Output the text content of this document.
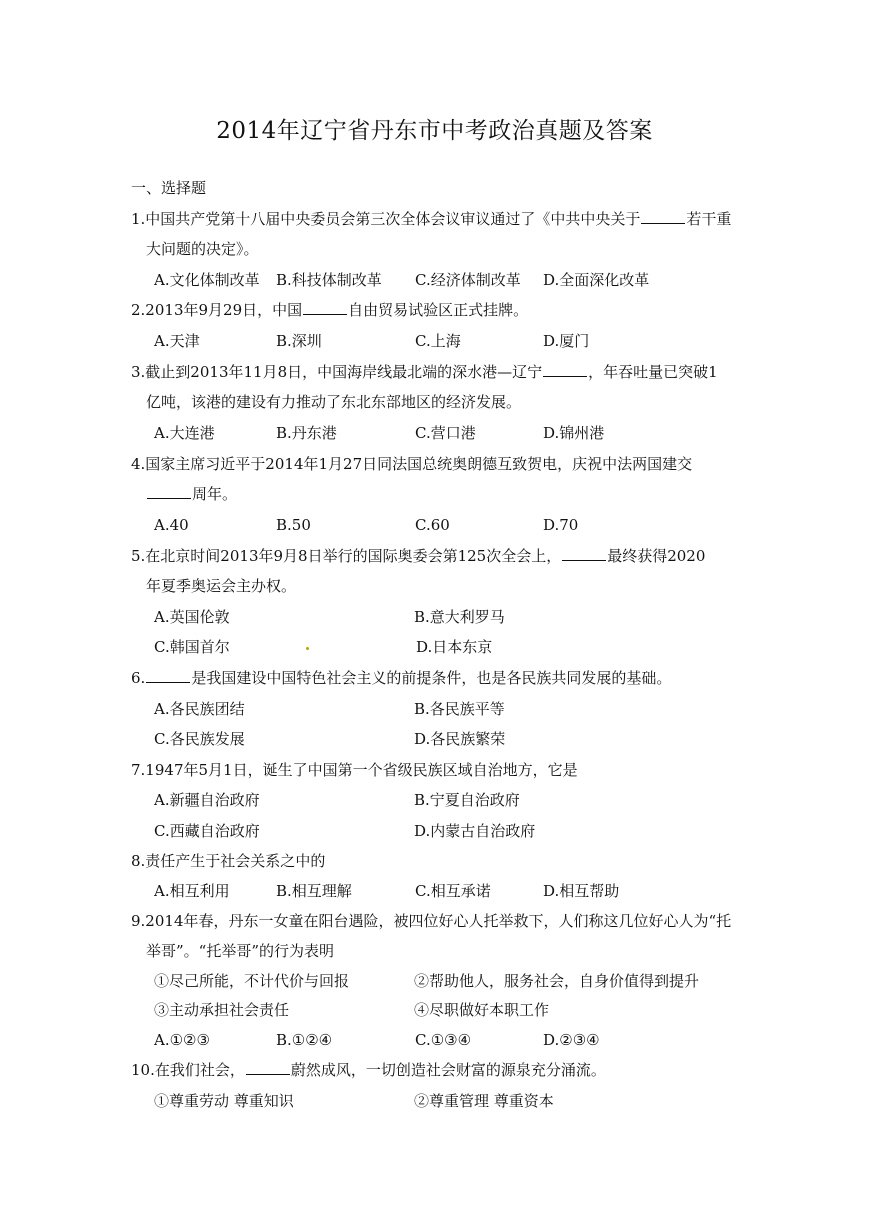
2014年辽宁省丹东市中考政治真题及答案
一、选择题
1.中国共产党第十八届中央委员会第三次全体会议审议通过了《中共中央关于	若干重
大问题的决定》。
A.文化体制改革 B.科技体制改革 C.经济体制改革 D.全面深化改革
2.2013年9月29日，中国	自由贸易试验区正式挂牌。
A.天津	B.深圳	C.上海	D.厦门
3.截止到2013年11月8日，中国海岸线最北端的深水港—辽宁	，年吞吐量已突破1
亿吨，该港的建设有力推动了东北东部地区的经济发展。
A.大连港	B.丹东港	C.营口港	D.锦州港
4.国家主席习近平于2014年1月27日同法国总统奥朗德互致贺电，庆祝中法两国建交
周年。
A.40	B.50	C.60	D.70
5.在北京时间2013年9月8日举行的国际奥委会第125次全会上，	最终获得2020
年夏季奥运会主办权。
A.英国伦敦	B.意大利罗马
C.韩国首尔	D.日本东京
6.	是我国建设中国特色社会主义的前提条件，也是各民族共同发展的基础。
A.各民族团结	B.各民族平等
C.各民族发展	D.各民族繁荣
7.1947年5月1日，诞生了中国第一个省级民族区域自治地方，它是
A.新疆自治政府	B.宁夏自治政府
C.西藏自治政府	D.内蒙古自治政府
8.责任产生于社会关系之中的
A.相互利用	B.相互理解	C.相互承诺	D.相互帮助
9.2014年春，丹东一女童在阳台遇险，被四位好心人托举救下，人们称这几位好心人为“托
举哥”。“托举哥”的行为表明
①尽己所能，不计代价与回报	②帮助他人，服务社会，自身价值得到提升
③主动承担社会责任	④尽职做好本职工作
A.①②③	B.①②④	C.①③④	D.②③④
10.在我们社会，	蔚然成风，一切创造社会财富的源泉充分涌流。
①尊重劳动 尊重知识	②尊重管理 尊重资本
